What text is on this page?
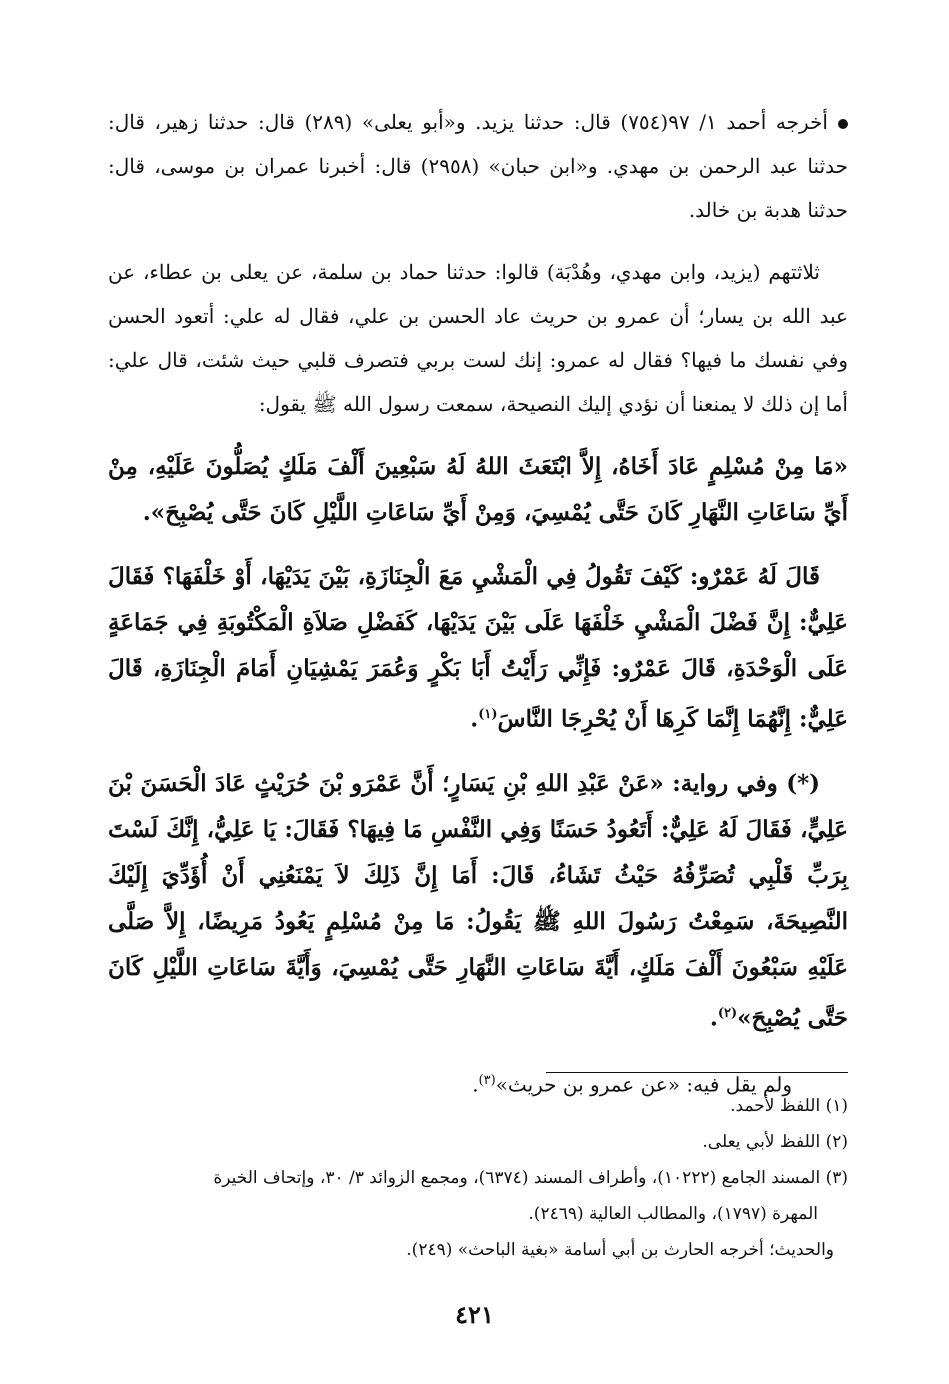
أخرجه أحمد ١/ ٩٧(٧٥٤) قال: حدثنا يزيد. و«أبو يعلى» (٢٨٩) قال: حدثنا زهير، قال: حدثنا عبد الرحمن بن مهدي. و«ابن حبان» (٢٩٥٨) قال: أخبرنا عمران بن موسى، قال: حدثنا هدبة بن خالد.

ثلاثتهم (يزيد، وابن مهدي، وهُدْبَة) قالوا: حدثنا حماد بن سلمة، عن يعلى بن عطاء، عن عبد الله بن يسار؛ أن عمرو بن حريث عاد الحسن بن علي، فقال له علي: أتعود الحسن وفي نفسك ما فيها؟ فقال له عمرو: إنك لست بربي فتصرف قلبي حيث شئت، قال علي: أما إن ذلك لا يمنعنا أن نؤدي إليك النصيحة، سمعت رسول الله ﷺ يقول:

«مَا مِنْ مُسْلِمٍ عَادَ أَخَاهُ، إِلاَّ ابْتَعَثَ اللهُ لَهُ سَبْعِينَ أَلْفَ مَلَكٍ يُصَلُّونَ عَلَيْهِ، مِنْ أَيِّ سَاعَاتِ النَّهَارِ كَانَ حَتَّى يُمْسِيَ، وَمِنْ أَيِّ سَاعَاتِ اللَّيْلِ كَانَ حَتَّى يُصْبِحَ».

قَالَ لَهُ عَمْرٌو: كَيْفَ تَقُولُ فِي الْمَشْيِ مَعَ الْجِنَازَةِ، بَيْنَ يَدَيْهَا، أَوْ خَلْفَهَا؟ فَقَالَ عَلِيٌّ: إِنَّ فَضْلَ الْمَشْيِ خَلْفَهَا عَلَى بَيْنَ يَدَيْهَا، كَفَضْلِ صَلاَةِ الْمَكْتُوبَةِ فِي جَمَاعَةٍ عَلَى الْوَحْدَةِ، قَالَ عَمْرٌو: فَإِنِّي رَأَيْتُ أَبَا بَكْرٍ وَعُمَرَ يَمْشِيَانِ أَمَامَ الْجِنَازَةِ، قَالَ عَلِيٌّ: إِنَّهُمَا إِنَّمَا كَرِهَا أَنْ يُحْرِجَا النَّاسَ$^{(١)}$.

(*) وفي رواية: «عَنْ عَبْدِ اللهِ بْنِ يَسَارٍ؛ أَنَّ عَمْرَو بْنَ حُرَيْثٍ عَادَ الْحَسَنَ بْنَ عَلِيٍّ، فَقَالَ لَهُ عَلِيٌّ: أَتَعُودُ حَسَنًا وَفِي النَّفْسِ مَا فِيهَا؟ فَقَالَ: يَا عَلِيُّ، إِنَّكَ لَسْتَ بِرَبِّ قَلْبِي تُصَرِّفُهُ حَيْثُ تَشَاءُ، قَالَ: أَمَا إِنَّ ذَلِكَ لاَ يَمْنَعُنِي أَنْ أُؤَدِّيَ إِلَيْكَ النَّصِيحَةَ، سَمِعْتُ رَسُولَ اللهِ ﷺ يَقُولُ: مَا مِنْ مُسْلِمٍ يَعُودُ مَرِيضًا، إِلاَّ صَلَّى عَلَيْهِ سَبْعُونَ أَلْفَ مَلَكٍ، أَيَّةَ سَاعَاتِ النَّهَارِ حَتَّى يُمْسِيَ، وَأَيَّةَ سَاعَاتِ اللَّيْلِ كَانَ حَتَّى يُصْبِحَ»$^{(٢)}$.

ولم يقل فيه: «عن عمرو بن حريث»$^{(٣)}$.

(١) اللفظ لأحمد.

(٢) اللفظ لأبي يعلى.

(٣) المسند الجامع (١٠٢٢٢)، وأطراف المسند (٦٣٧٤)، ومجمع الزوائد ٣/ ٣٠، وإتحاف الخيرة

المهرة (١٧٩٧)، والمطالب العالية (٢٤٦٩).

والحديث؛ أخرجه الحارث بن أبي أسامة «بغية الباحث» (٢٤٩).

٤٢١
